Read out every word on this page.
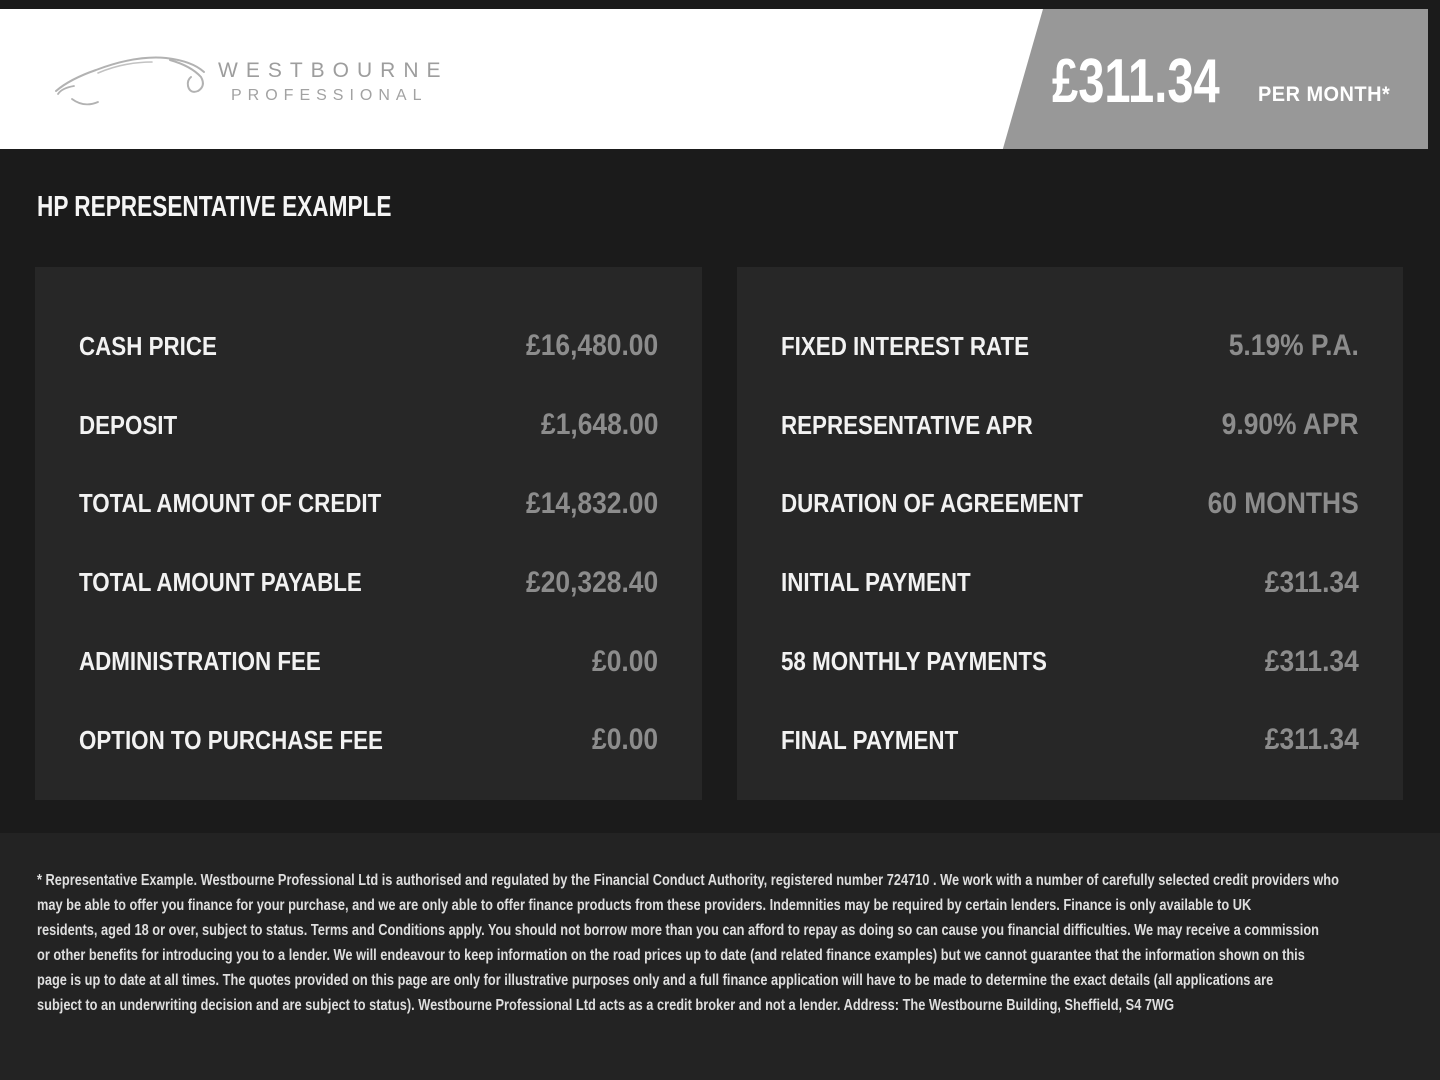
WESTBOURNE
PROFESSIONAL	£311.34 PER MONTH*
HP REPRESENTATIVE EXAMPLE
CASH PRICE	£16,480.00
DEPOSIT	£1,648.00
TOTAL AMOUNT OF CREDIT	£14,832.00
TOTAL AMOUNT PAYABLE	£20,328.40
ADMINISTRATION FEE	£0.00
OPTION TO PURCHASE FEE	£0.00
FIXED INTEREST RATE	5.19% P.A.
REPRESENTATIVE APR	9.90% APR
DURATION OF AGREEMENT	60 MONTHS
INITIAL PAYMENT	£311.34
58 MONTHLY PAYMENTS	£311.34
FINAL PAYMENT	£311.34
* Representative Example. Westbourne Professional Ltd is authorised and regulated by the Financial Conduct Authority, registered number 724710 . We work with a number of carefully selected credit providers who
may be able to offer you finance for your purchase, and we are only able to offer finance products from these providers. Indemnities may be required by certain lenders. Finance is only available to UK
residents, aged 18 or over, subject to status. Terms and Conditions apply. You should not borrow more than you can afford to repay as doing so can cause you financial difficulties. We may receive a commission
or other benefits for introducing you to a lender. We will endeavour to keep information on the road prices up to date (and related finance examples) but we cannot guarantee that the information shown on this
page is up to date at all times. The quotes provided on this page are only for illustrative purposes only and a full finance application will have to be made to determine the exact details (all applications are
subject to an underwriting decision and are subject to status). Westbourne Professional Ltd acts as a credit broker and not a lender. Address: The Westbourne Building, Sheffield, S4 7WG
